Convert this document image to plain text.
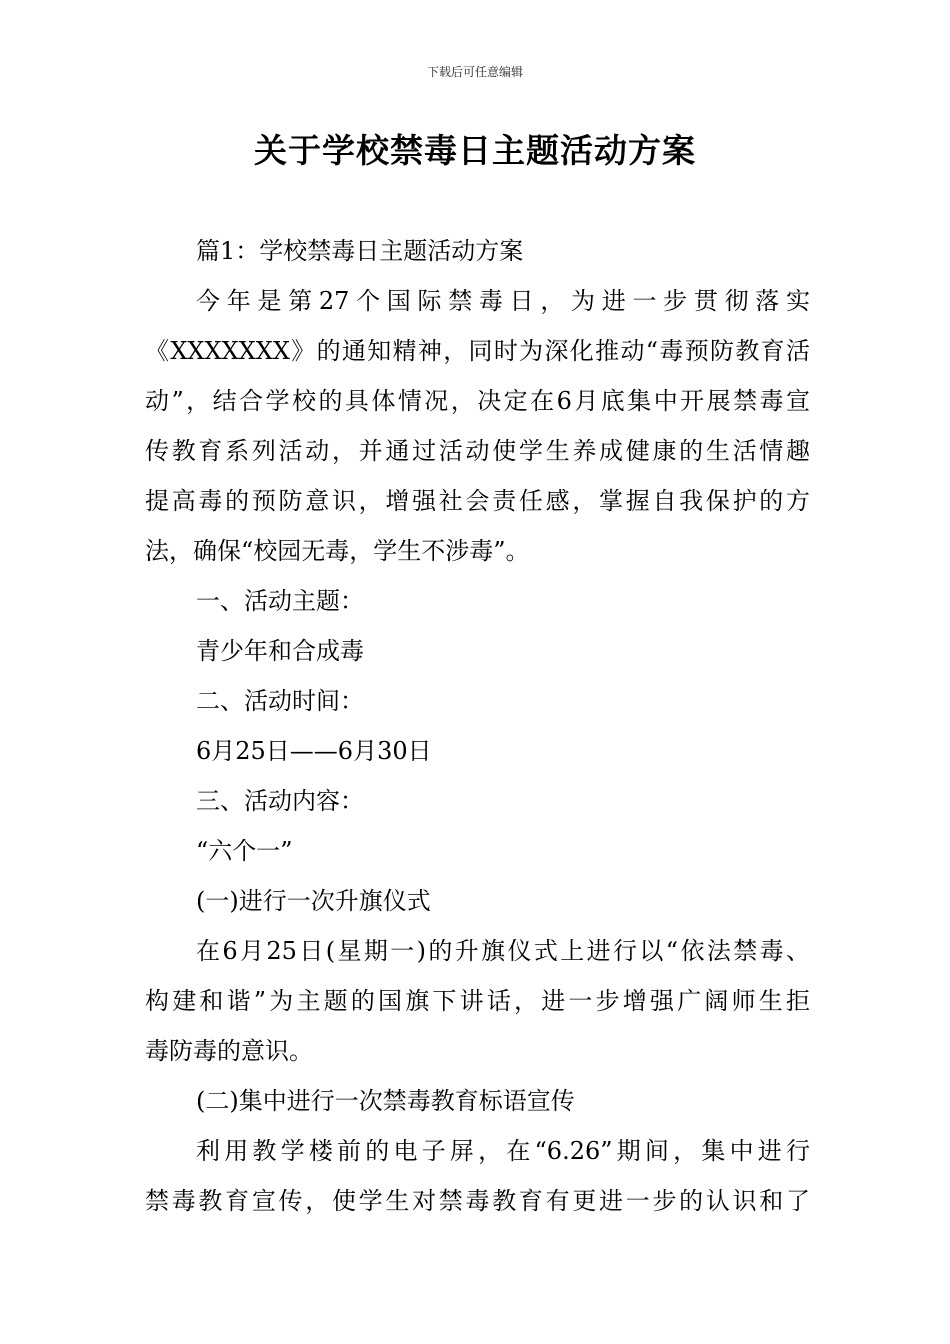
下载后可任意编辑
关于学校禁毒日主题活动方案

篇1：学校禁毒日主题活动方案

今年是第27个国际禁毒日，为进一步贯彻落实

《XXXXXXX》的通知精神，同时为深化推动“毒预防教育活

动”，结合学校的具体情况，决定在6月底集中开展禁毒宣

传教育系列活动，并通过活动使学生养成健康的生活情趣

提高毒的预防意识，增强社会责任感，掌握自我保护的方

法，确保“校园无毒，学生不涉毒”。

一、活动主题：

青少年和合成毒

二、活动时间：

6月25日——6月30日

三、活动内容：

“六个一”

(一)进行一次升旗仪式

在6月25日(星期一)的升旗仪式上进行以“依法禁毒、

构建和谐”为主题的国旗下讲话，进一步增强广阔师生拒

毒防毒的意识。

(二)集中进行一次禁毒教育标语宣传

利用教学楼前的电子屏，在“6.26”期间，集中进行

禁毒教育宣传，使学生对禁毒教育有更进一步的认识和了
